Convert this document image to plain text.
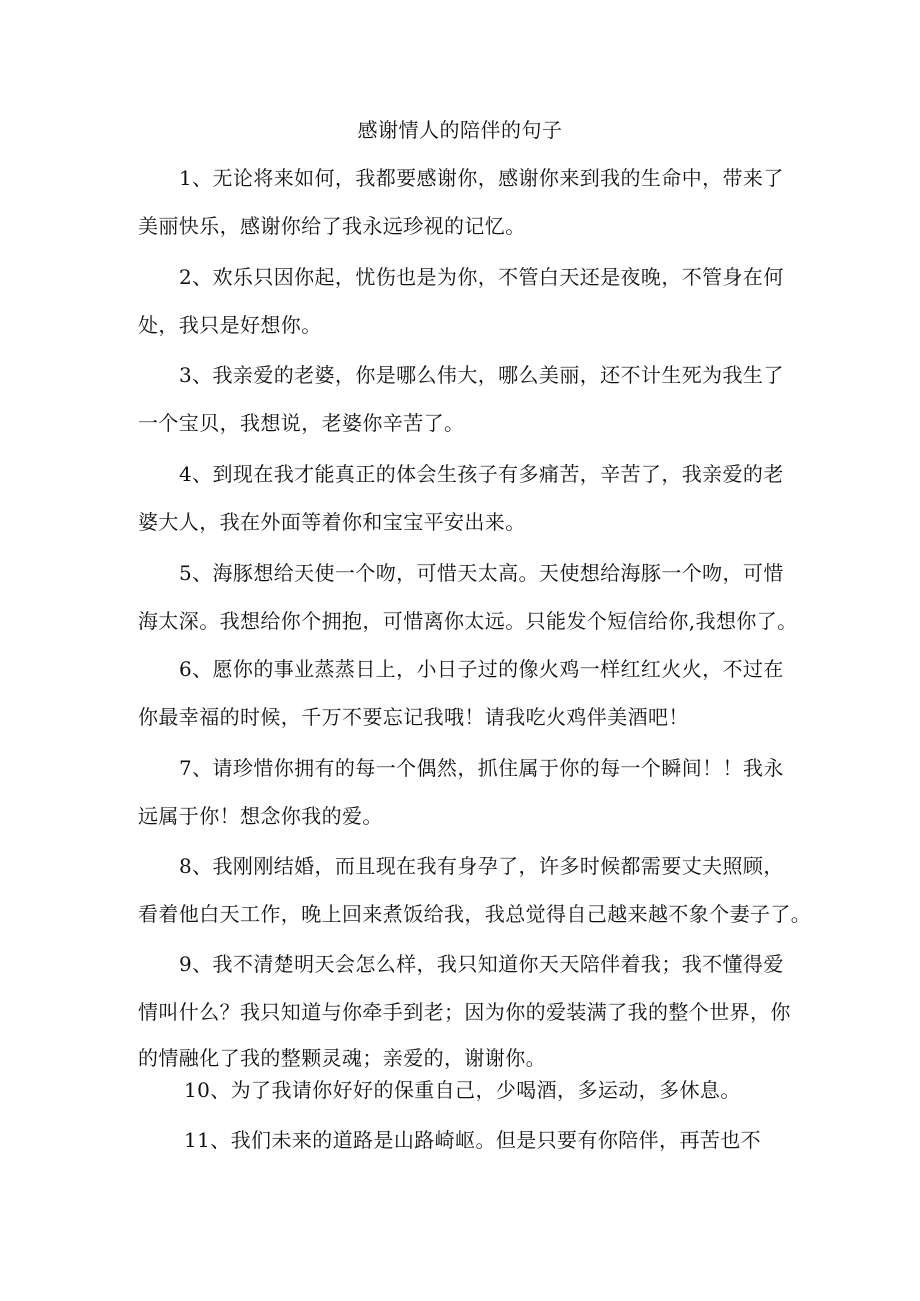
感谢情人的陪伴的句子

1、无论将来如何，我都要感谢你，感谢你来到我的生命中，带来了

美丽快乐，感谢你给了我永远珍视的记忆。

2、欢乐只因你起，忧伤也是为你，不管白天还是夜晚，不管身在何

处，我只是好想你。

3、我亲爱的老婆，你是哪么伟大，哪么美丽，还不计生死为我生了

一个宝贝，我想说，老婆你辛苦了。

4、到现在我才能真正的体会生孩子有多痛苦，辛苦了，我亲爱的老

婆大人，我在外面等着你和宝宝平安出来。

5、海豚想给天使一个吻，可惜天太高。天使想给海豚一个吻，可惜

海太深。我想给你个拥抱，可惜离你太远。只能发个短信给你,我想你了。

6、愿你的事业蒸蒸日上，小日子过的像火鸡一样红红火火，不过在

你最幸福的时候，千万不要忘记我哦！请我吃火鸡伴美酒吧！

7、请珍惜你拥有的每一个偶然，抓住属于你的每一个瞬间！！我永

远属于你！想念你我的爱。

8、我刚刚结婚，而且现在我有身孕了，许多时候都需要丈夫照顾，

看着他白天工作，晚上回来煮饭给我，我总觉得自己越来越不象个妻子了。

9、我不清楚明天会怎么样，我只知道你天天陪伴着我；我不懂得爱

情叫什么？我只知道与你牵手到老；因为你的爱装满了我的整个世界，你

的情融化了我的整颗灵魂；亲爱的，谢谢你。

10、为了我请你好好的保重自己，少喝酒，多运动，多休息。

11、我们未来的道路是山路崎岖。但是只要有你陪伴，再苦也不
